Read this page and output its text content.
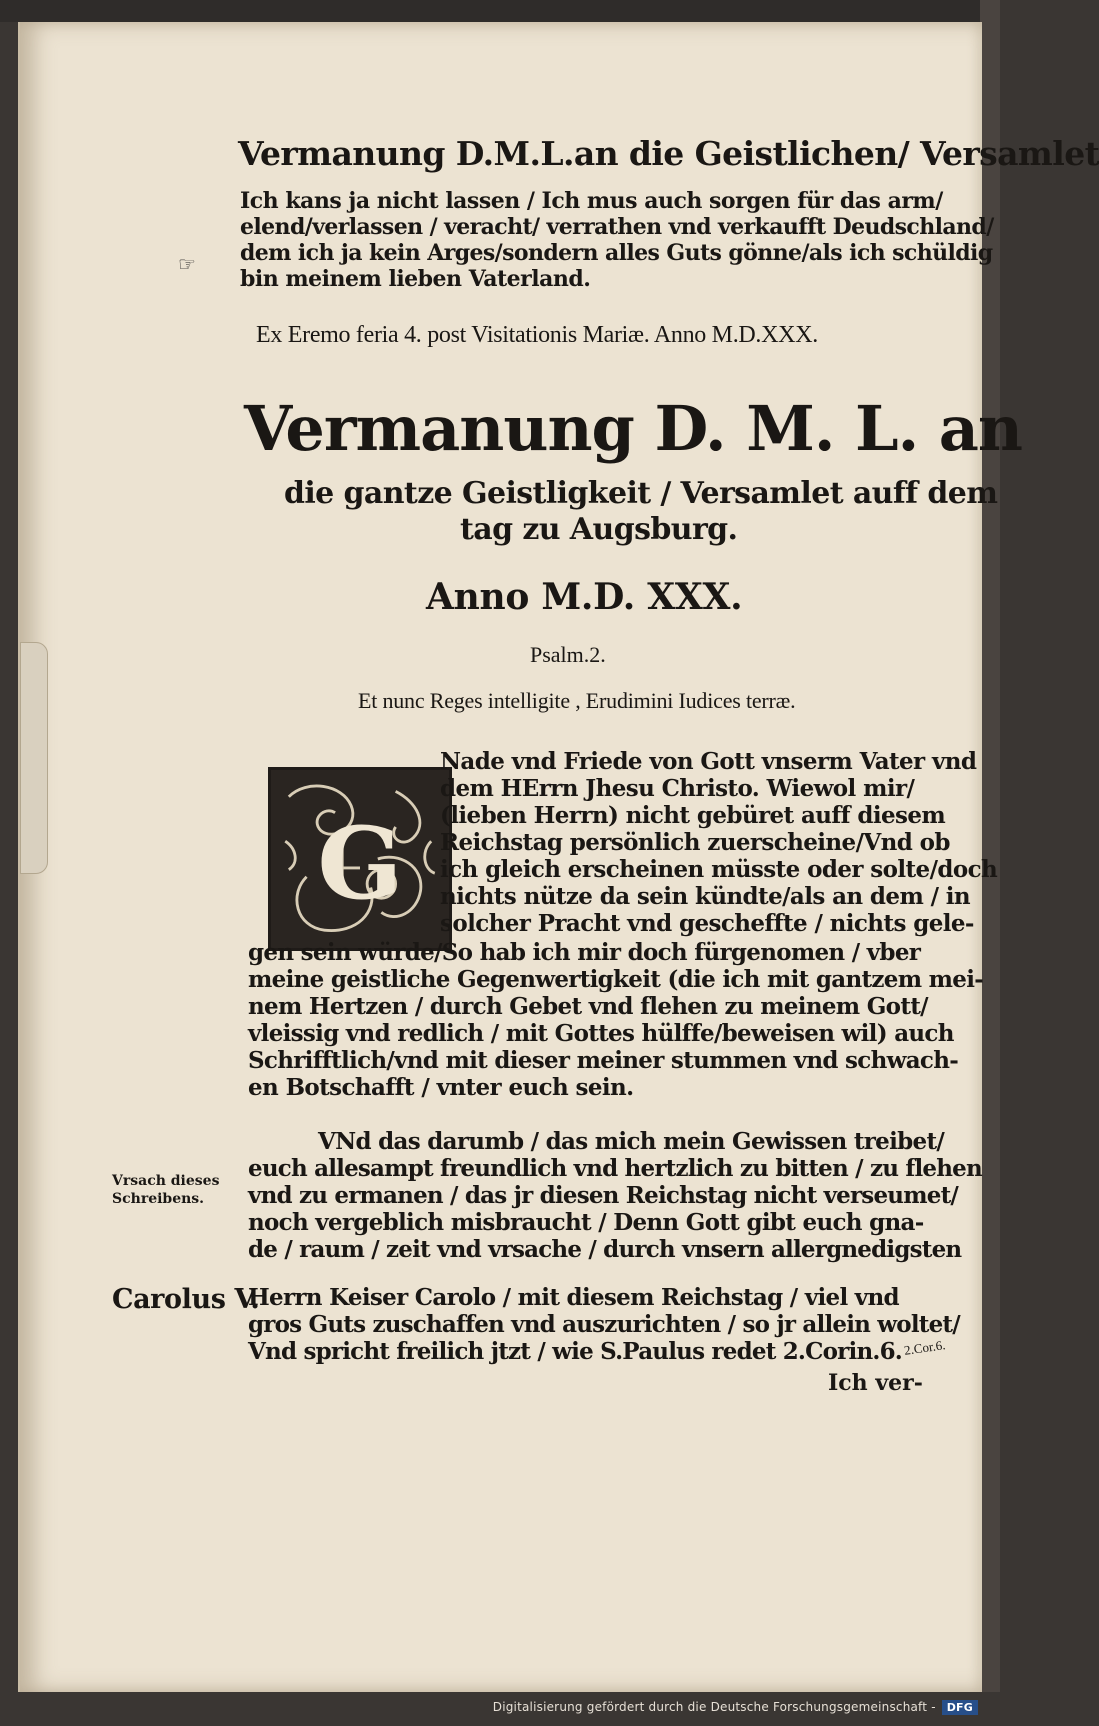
Vermanung D.M.L.an die Geistlichen/ Versamlet
Ich kans ja nicht lassen / Ich mus auch sorgen für das arm/
elend/verlassen / veracht/ verrathen vnd verkaufft Deudschland/
dem ich ja kein Arges/sondern alles Guts gönne/als ich schüldig
bin meinem lieben Vaterland.
☞
Ex Eremo feria 4. post Visitationis Mariæ. Anno M.D.XXX.
Vermanung D. M. L. an
die gantze Geistligkeit / Versamlet auff dem
tag zu Augsburg.
Anno M.D. XXX.
Psalm.2.
Et nunc Reges intelligite , Erudimini Iudices terræ.
G
Nade vnd Friede von Gott vnserm Vater vnd
dem HErrn Jhesu Christo. Wiewol mir/
(lieben Herrn) nicht gebüret auff diesem
Reichstag persönlich zuerscheine/Vnd ob
ich gleich erscheinen müsste oder solte/doch
nichts nütze da sein kündte/als an dem / in
solcher Pracht vnd gescheffte / nichts gele-
gen sein würde/So hab ich mir doch fürgenomen / vber
meine geistliche Gegenwertigkeit (die ich mit gantzem mei-
nem Hertzen / durch Gebet vnd flehen zu meinem Gott/
vleissig vnd redlich / mit Gottes hülffe/beweisen wil) auch
Schrifftlich/vnd mit dieser meiner stummen vnd schwach-
en Botschafft / vnter euch sein.
Vrsach dieses Schreibens.
Carolus V.
VNd das darumb / das mich mein Gewissen treibet/
euch allesampt freundlich vnd hertzlich zu bitten / zu flehen
vnd zu ermanen / das jr diesen Reichstag nicht verseumet/
noch vergeblich misbraucht / Denn Gott gibt euch gna-
de / raum / zeit vnd vrsache / durch vnsern allergnedigsten
Herrn Keiser Carolo / mit diesem Reichstag / viel vnd
gros Guts zuschaffen vnd auszurichten / so jr allein woltet/
Vnd spricht freilich jtzt / wie S.Paulus redet 2.Corin.6. 2.Cor.6.
Ich ver-
Digitalisierung gefördert durch die Deutsche Forschungsgemeinschaft - DFG
